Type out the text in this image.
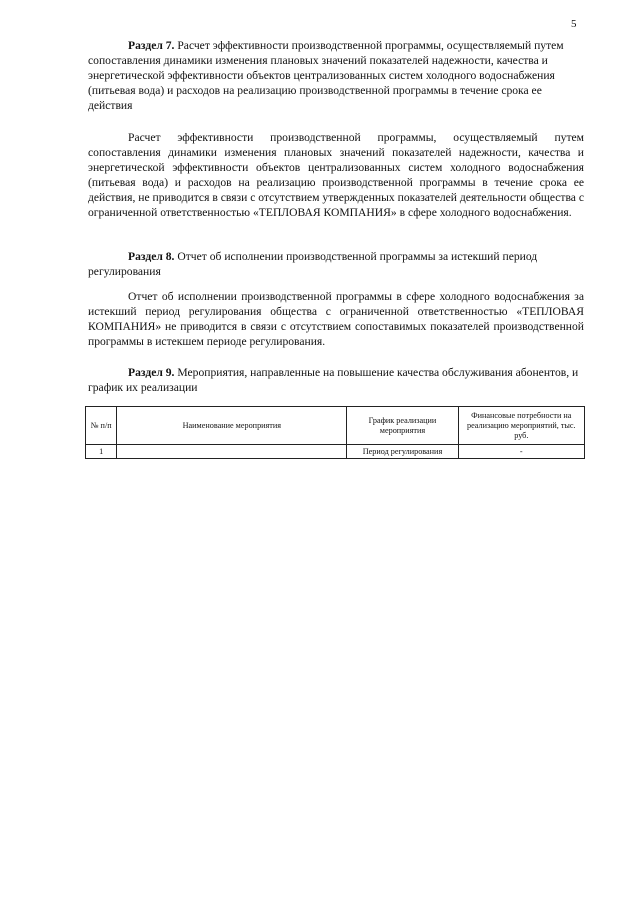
5
Раздел 7. Расчет эффективности производственной программы, осуществляемый путем сопоставления динамики изменения плановых значений показателей надежности, качества и энергетической эффективности объектов централизованных систем холодного водоснабжения (питьевая вода) и расходов на реализацию производственной программы в течение срока ее действия
Расчет эффективности производственной программы, осуществляемый путем сопоставления динамики изменения плановых значений показателей надежности, качества и энергетической эффективности объектов централизованных систем холодного водоснабжения (питьевая вода) и расходов на реализацию производственной программы в течение срока ее действия, не приводится в связи с отсутствием утвержденных показателей деятельности общества с ограниченной ответственностью «ТЕПЛОВАЯ КОМПАНИЯ» в сфере холодного водоснабжения.
Раздел 8. Отчет об исполнении производственной программы за истекший период регулирования
Отчет об исполнении производственной программы в сфере холодного водоснабжения за истекший период регулирования общества с ограниченной ответственностью «ТЕПЛОВАЯ КОМПАНИЯ» не приводится в связи с отсутствием сопоставимых показателей производственной программы в истекшем периоде регулирования.
Раздел 9. Мероприятия, направленные на повышение качества обслуживания абонентов, и график их реализации
№ п/п	Наименование мероприятия	График реализации мероприятия	Финансовые потребности на реализацию мероприятий, тыс. руб.
1		Период регулирования	-
